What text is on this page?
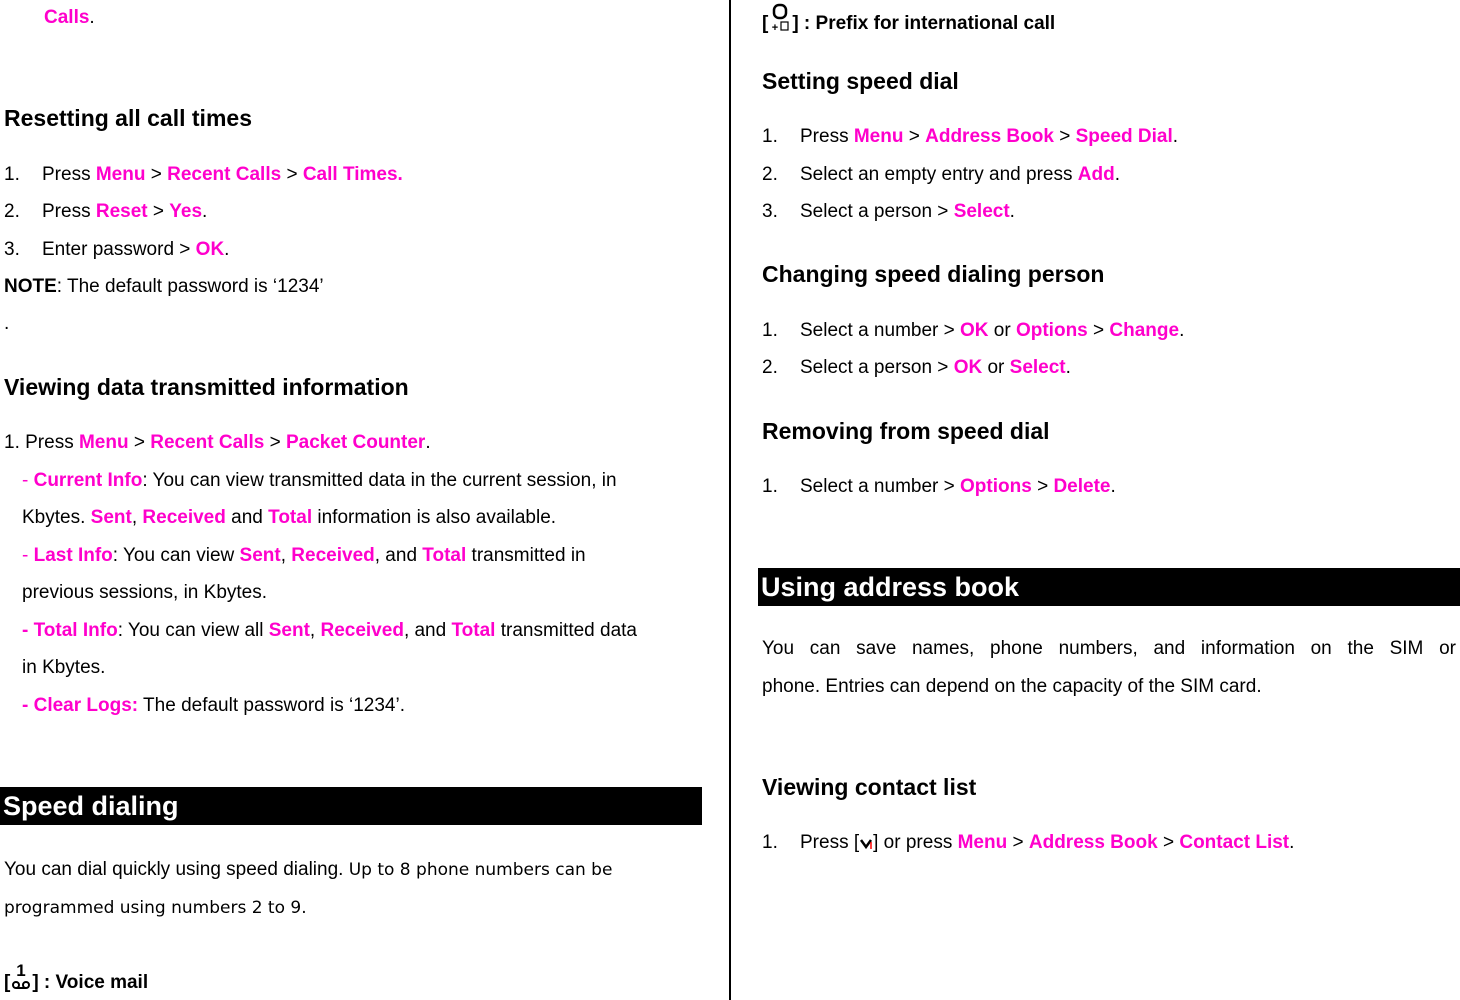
Calls.
Resetting all call times
1. Press Menu > Recent Calls > Call Times.
2. Press Reset > Yes.
3. Enter password > OK.
NOTE: The default password is ‘1234’
.
Viewing data transmitted information
1. Press Menu > Recent Calls > Packet Counter.
- Current Info: You can view transmitted data in the current session, in
Kbytes. Sent, Received and Total information is also available.
- Last Info: You can view Sent, Received, and Total transmitted in
previous sessions, in Kbytes.
- Total Info: You can view all Sent, Received, and Total transmitted data
in Kbytes.
- Clear Logs: The default password is ‘1234’.
Speed dialing
You can dial quickly using speed dialing. Up to 8 phone numbers can be
programmed using numbers 2 to 9.
[
1
] : Voice mail
[ + ] : Prefix for international call
Setting speed dial
1. Press Menu > Address Book > Speed Dial.
2. Select an empty entry and press Add.
3. Select a person > Select.
Changing speed dialing person
1. Select a number > OK or Options > Change.
2. Select a person > OK or Select.
Removing from speed dial
1. Select a number > Options > Delete.
Using address book
You can save names, phone numbers, and information on the SIM or
phone. Entries can depend on the capacity of the SIM card.
Viewing contact list
1. Press [ ] or press Menu > Address Book > Contact List.
